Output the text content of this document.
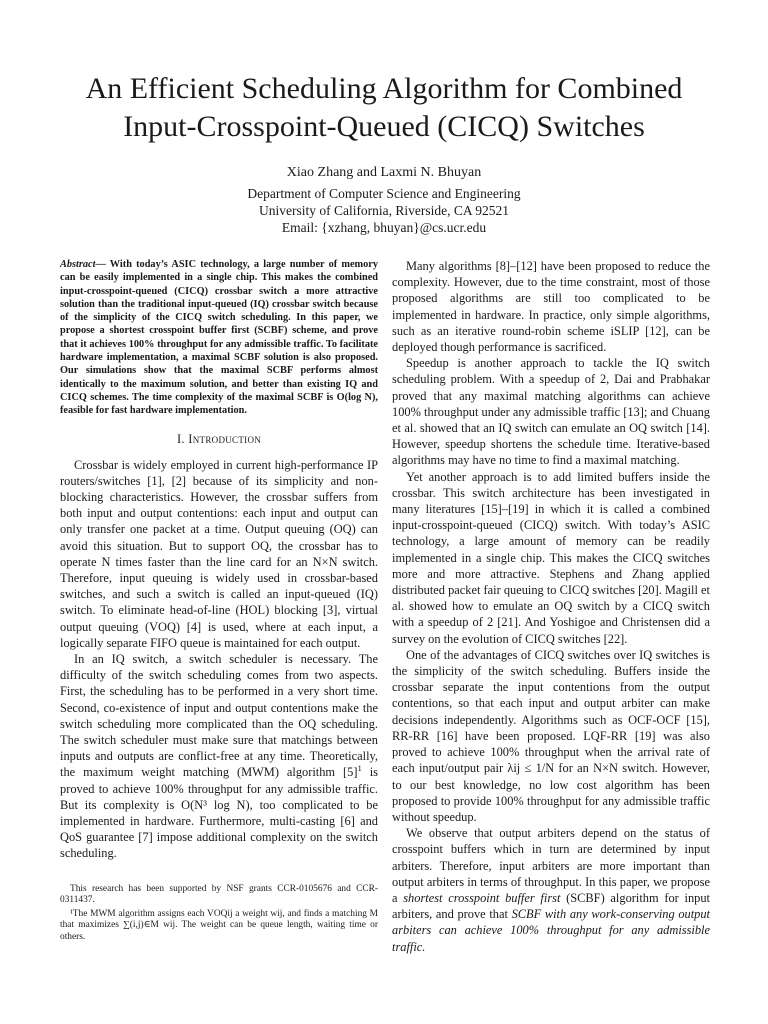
An Efficient Scheduling Algorithm for Combined
Input-Crosspoint-Queued (CICQ) Switches
Xiao Zhang and Laxmi N. Bhuyan
Department of Computer Science and Engineering
University of California, Riverside, CA 92521
Email: {xzhang, bhuyan}@cs.ucr.edu

Abstract— With today’s ASIC technology, a large number of memory can be easily implemented in a single chip. This makes the combined input-crosspoint-queued (CICQ) crossbar switch a more attractive solution than the traditional input-queued (IQ) crossbar switch because of the simplicity of the CICQ switch scheduling. In this paper, we propose a shortest crosspoint buffer first (SCBF) scheme, and prove that it achieves 100% throughput for any admissible traffic. To facilitate hardware implementation, a maximal SCBF solution is also proposed. Our simulations show that the maximal SCBF performs almost identically to the maximum solution, and better than existing IQ and CICQ schemes. The time complexity of the maximal SCBF is O(log N), feasible for fast hardware implementation.

I. Introduction

Crossbar is widely employed in current high-performance IP routers/switches [1], [2] because of its simplicity and non-blocking characteristics. However, the crossbar suffers from both input and output contentions: each input and output can only transfer one packet at a time. Output queuing (OQ) can avoid this situation. But to support OQ, the crossbar has to operate N times faster than the line card for an N×N switch. Therefore, input queuing is widely used in crossbar-based switches, and such a switch is called an input-queued (IQ) switch. To eliminate head-of-line (HOL) blocking [3], virtual output queuing (VOQ) [4] is used, where at each input, a logically separate FIFO queue is maintained for each output.

In an IQ switch, a switch scheduler is necessary. The difficulty of the switch scheduling comes from two aspects. First, the scheduling has to be performed in a very short time. Second, co-existence of input and output contentions make the switch scheduling more complicated than the OQ scheduling. The switch scheduler must make sure that matchings between inputs and outputs are conflict-free at any time. Theoretically, the maximum weight matching (MWM) algorithm $[5]^1$ is proved to achieve 100% throughput for any admissible traffic. But its complexity is O(N³ log N), too complicated to be implemented in hardware. Furthermore, multi-casting [6] and QoS guarantee [7] impose additional complexity on the switch scheduling.

This research has been supported by NSF grants CCR-0105676 and CCR-0311437.

¹The MWM algorithm assigns each VOQij a weight wij, and finds a matching M that maximizes ∑(i,j)∈M wij. The weight can be queue length, waiting time or others.

Many algorithms [8]–[12] have been proposed to reduce the complexity. However, due to the time constraint, most of those proposed algorithms are still too complicated to be implemented in hardware. In practice, only simple algorithms, such as an iterative round-robin scheme iSLIP [12], can be deployed though performance is sacrificed.

Speedup is another approach to tackle the IQ switch scheduling problem. With a speedup of 2, Dai and Prabhakar proved that any maximal matching algorithms can achieve 100% throughput under any admissible traffic [13]; and Chuang et al. showed that an IQ switch can emulate an OQ switch [14]. However, speedup shortens the schedule time. Iterative-based algorithms may have no time to find a maximal matching.

Yet another approach is to add limited buffers inside the crossbar. This switch architecture has been investigated in many literatures [15]–[19] in which it is called a combined input-crosspoint-queued (CICQ) switch. With today’s ASIC technology, a large amount of memory can be readily implemented in a single chip. This makes the CICQ switches more and more attractive. Stephens and Zhang applied distributed packet fair queuing to CICQ switches [20]. Magill et al. showed how to emulate an OQ switch by a CICQ switch with a speedup of 2 [21]. And Yoshigoe and Christensen did a survey on the evolution of CICQ switches [22].

One of the advantages of CICQ switches over IQ switches is the simplicity of the switch scheduling. Buffers inside the crossbar separate the input contentions from the output contentions, so that each input and output arbiter can make decisions independently. Algorithms such as OCF-OCF [15], RR-RR [16] have been proposed. LQF-RR [19] was also proved to achieve 100% throughput when the arrival rate of each input/output pair λij ≤ 1/N for an N×N switch. However, to our best knowledge, no low cost algorithm has been proposed to provide 100% throughput for any admissible traffic without speedup.

We observe that output arbiters depend on the status of crosspoint buffers which in turn are determined by input arbiters. Therefore, input arbiters are more important than output arbiters in terms of throughput. In this paper, we propose a shortest crosspoint buffer first (SCBF) algorithm for input arbiters, and prove that SCBF with any work-conserving output arbiters can achieve 100% throughput for any admissible traffic.
